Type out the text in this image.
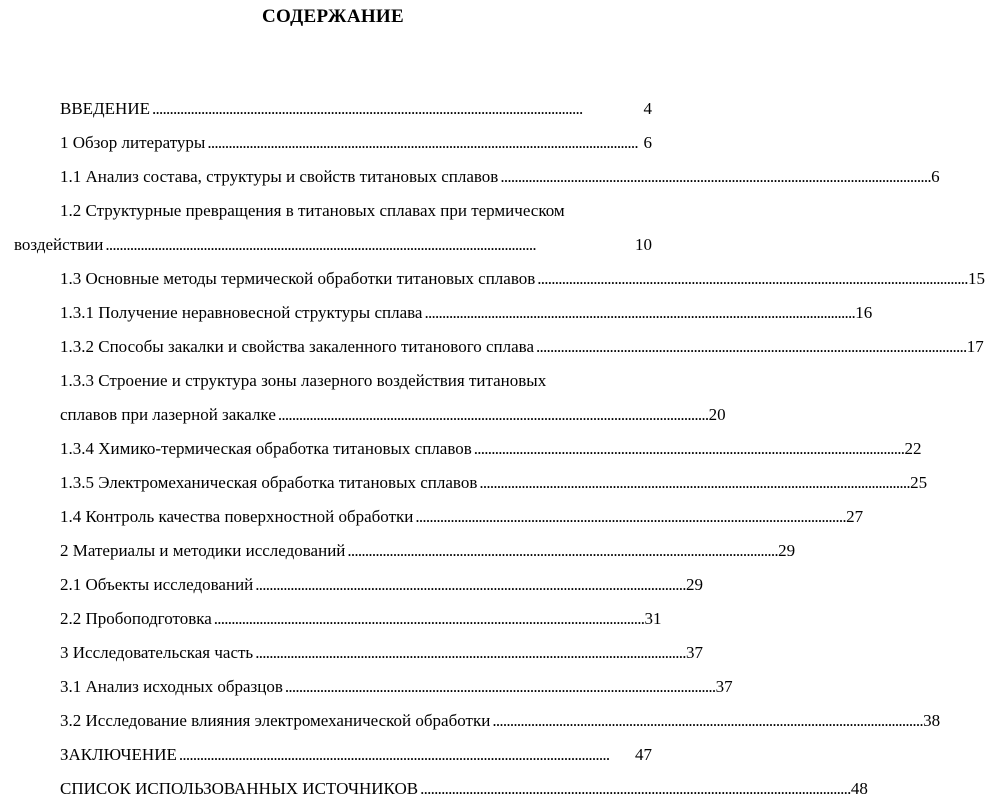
СОДЕРЖАНИЕ
ВВЕДЕНИЕ . . .	4
1 Обзор литературы . . .	6
1.1 Анализ состава, структуры и свойств титановых сплавов . . .	6
1.2 Структурные превращения в титановых сплавах при термическом
воздействии . . .	10
1.3 Основные методы термической обработки титановых сплавов . . .	15
1.3.1 Получение неравновесной структуры сплава . . .	16
1.3.2 Способы закалки и свойства закаленного титанового сплава . . .	17
1.3.3 Строение и структура зоны лазерного воздействия титановых
сплавов при лазерной закалке . . .	20
1.3.4 Химико-термическая обработка титановых сплавов . . .	22
1.3.5 Электромеханическая обработка титановых сплавов . . .	25
1.4 Контроль качества поверхностной обработки . . .	27
2 Материалы и методики исследований . . .	29
2.1 Объекты исследований . . .	29
2.2 Пробоподготовка . . .	31
3 Исследовательская часть . . .	37
3.1 Анализ исходных образцов . . .	37
3.2 Исследование влияния электромеханической обработки . . .	38
ЗАКЛЮЧЕНИЕ . . .	47
СПИСОК ИСПОЛЬЗОВАННЫХ ИСТОЧНИКОВ . . .	48
